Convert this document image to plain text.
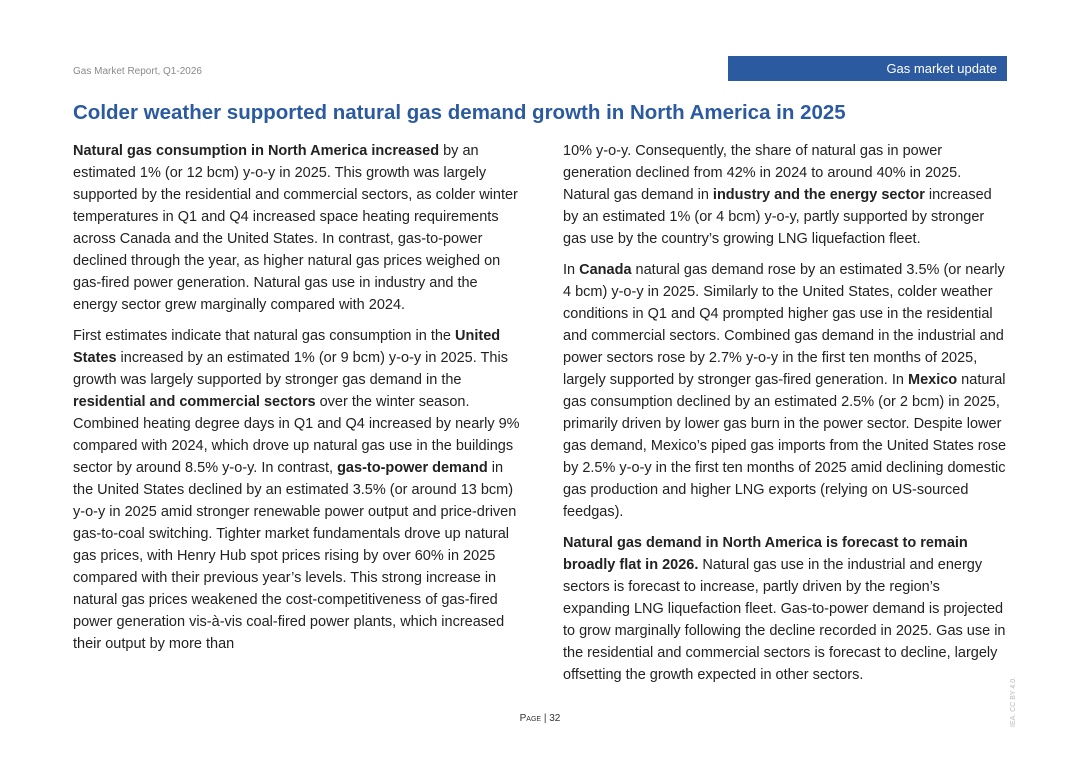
Gas Market Report, Q1-2026	Gas market update
Colder weather supported natural gas demand growth in North America in 2025

Natural gas consumption in North America increased by an estimated 1% (or 12 bcm) y-o-y in 2025. This growth was largely supported by the residential and commercial sectors, as colder winter temperatures in Q1 and Q4 increased space heating requirements across Canada and the United States. In contrast, gas-to-power declined through the year, as higher natural gas prices weighed on gas-fired power generation. Natural gas use in industry and the energy sector grew marginally compared with 2024.

First estimates indicate that natural gas consumption in the United States increased by an estimated 1% (or 9 bcm) y-o-y in 2025. This growth was largely supported by stronger gas demand in the residential and commercial sectors over the winter season. Combined heating degree days in Q1 and Q4 increased by nearly 9% compared with 2024, which drove up natural gas use in the buildings sector by around 8.5% y-o-y. In contrast, gas-to-power demand in the United States declined by an estimated 3.5% (or around 13 bcm) y-o-y in 2025 amid stronger renewable power output and price-driven gas-to-coal switching. Tighter market fundamentals drove up natural gas prices, with Henry Hub spot prices rising by over 60% in 2025 compared with their previous year’s levels. This strong increase in natural gas prices weakened the cost-competitiveness of gas-fired power generation vis-à-vis coal-fired power plants, which increased their output by more than

10% y-o-y. Consequently, the share of natural gas in power generation declined from 42% in 2024 to around 40% in 2025. Natural gas demand in industry and the energy sector increased by an estimated 1% (or 4 bcm) y-o-y, partly supported by stronger gas use by the country’s growing LNG liquefaction fleet.

In Canada natural gas demand rose by an estimated 3.5% (or nearly 4 bcm) y-o-y in 2025. Similarly to the United States, colder weather conditions in Q1 and Q4 prompted higher gas use in the residential and commercial sectors. Combined gas demand in the industrial and power sectors rose by 2.7% y-o-y in the first ten months of 2025, largely supported by stronger gas-fired generation. In Mexico natural gas consumption declined by an estimated 2.5% (or 2 bcm) in 2025, primarily driven by lower gas burn in the power sector. Despite lower gas demand, Mexico’s piped gas imports from the United States rose by 2.5% y-o-y in the first ten months of 2025 amid declining domestic gas production and higher LNG exports (relying on US-sourced feedgas).

Natural gas demand in North America is forecast to remain broadly flat in 2026. Natural gas use in the industrial and energy sectors is forecast to increase, partly driven by the region’s expanding LNG liquefaction fleet. Gas-to-power demand is projected to grow marginally following the decline recorded in 2025. Gas use in the residential and commercial sectors is forecast to decline, largely offsetting the growth expected in other sectors.

Page | 32	IEA. CC BY 4.0.
